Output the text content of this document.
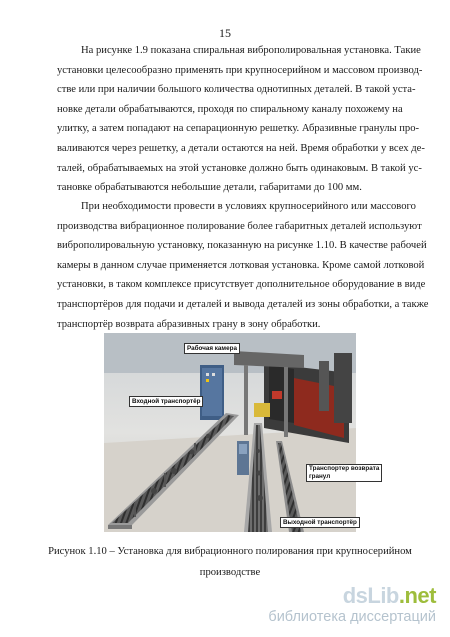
15
На рисунке 1.9 показана спиральная виброполировальная установка. Такие
установки целесообразно применять при крупносерийном и массовом производ-
стве или при наличии большого количества однотипных деталей. В такой уста-
новке детали обрабатываются, проходя по спиральному каналу похожему на
улитку, а затем попадают на сепарационную решетку. Абразивные гранулы про-
валиваются через решетку, а детали остаются на ней. Время обработки у всех де-
талей, обрабатываемых на этой установке должно быть одинаковым. В такой ус-
тановке обрабатываются небольшие детали, габаритами до 100 мм.
При необходимости провести в условиях крупносерийного или массового
производства вибрационное полирование более габаритных деталей используют
виброполировальную установку, показанную на рисунке 1.10. В качестве рабочей
камеры в данном случае применяется лотковая установка. Кроме самой лотковой
установки, в таком комплексе присутствует дополнительное оборудование в виде
транспортёров для подачи и деталей и вывода деталей из зоны обработки, а также
транспортёр возврата абразивных грану в зону обработки.
Рабочая камера
Входной транспортёр
Транспортер возврата
гранул
Выходной транспортёр
Рисунок 1.10 – Установка для вибрационного полирования при крупносерийном
производстве
dsLib.net
библиотека диссертаций
